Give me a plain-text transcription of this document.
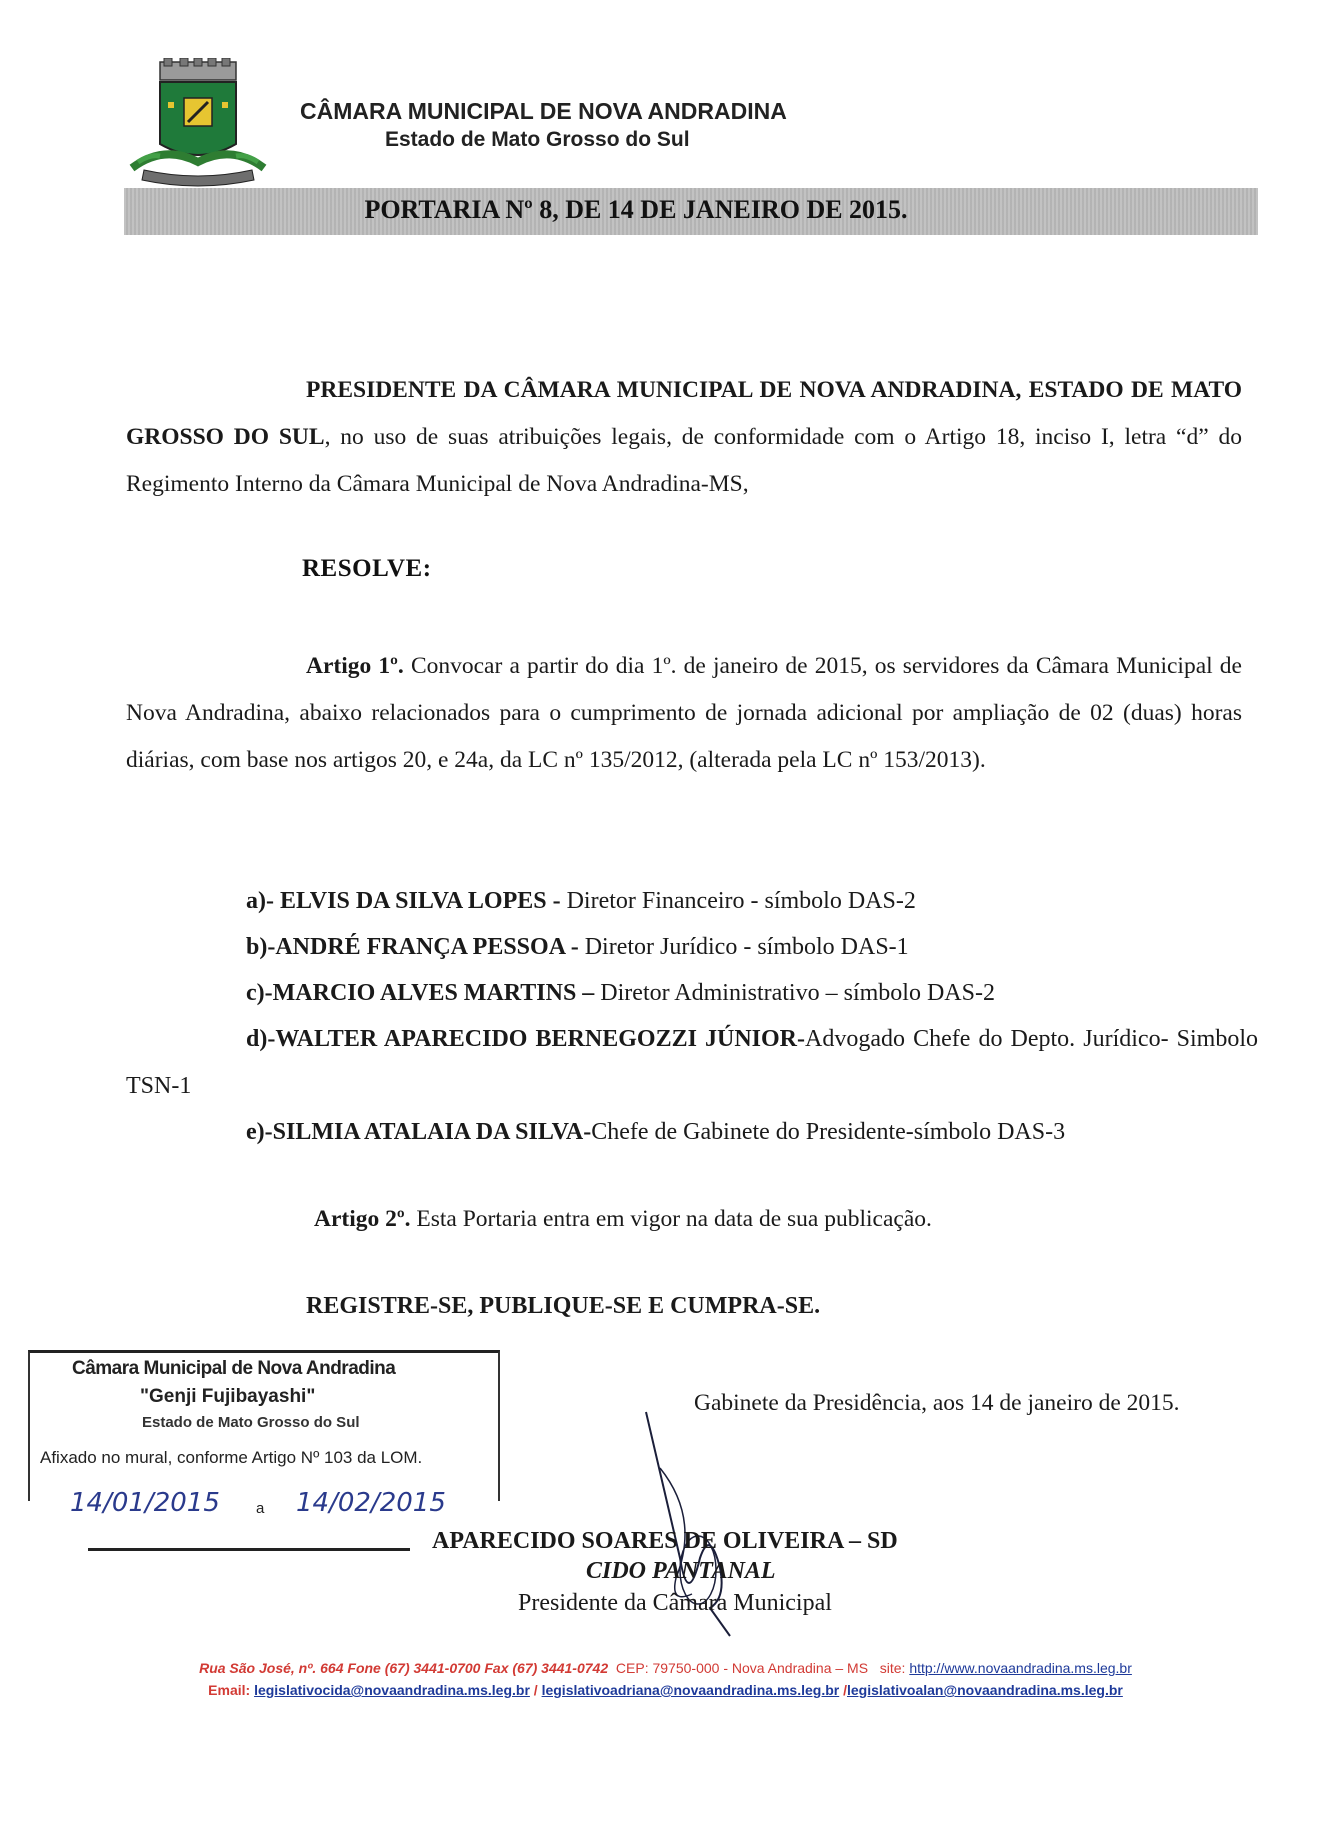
CÂMARA MUNICIPAL DE NOVA ANDRADINA
Estado de Mato Grosso do Sul
PORTARIA Nº 8, DE 14 DE JANEIRO DE 2015.
PRESIDENTE DA CÂMARA MUNICIPAL DE NOVA ANDRADINA, ESTADO DE MATO GROSSO DO SUL, no uso de suas atribuições legais, de conformidade com o Artigo 18, inciso I, letra “d” do Regimento Interno da Câmara Municipal de Nova Andradina-MS,
RESOLVE:
Artigo 1º. Convocar a partir do dia 1º. de janeiro de 2015, os servidores da Câmara Municipal de Nova Andradina, abaixo relacionados para o cumprimento de jornada adicional por ampliação de 02 (duas) horas diárias, com base nos artigos 20, e 24a, da LC nº 135/2012, (alterada pela LC nº 153/2013).
a)- ELVIS DA SILVA LOPES - Diretor Financeiro - símbolo DAS-2
b)-ANDRÉ FRANÇA PESSOA - Diretor Jurídico - símbolo DAS-1
c)-MARCIO ALVES MARTINS – Diretor Administrativo – símbolo DAS-2
d)-WALTER APARECIDO BERNEGOZZI JÚNIOR-Advogado Chefe do Depto. Jurídico- Simbolo TSN-1
e)-SILMIA ATALAIA DA SILVA-Chefe de Gabinete do Presidente-símbolo DAS-3
Artigo 2º. Esta Portaria entra em vigor na data de sua publicação.
REGISTRE-SE, PUBLIQUE-SE E CUMPRA-SE.
Câmara Municipal de Nova Andradina
"Genji Fujibayashi"
Estado de Mato Grosso do Sul
Afixado no mural, conforme Artigo Nº 103 da LOM.
14/01/2015 a 14/02/2015
Gabinete da Presidência, aos 14 de janeiro de 2015.
APARECIDO SOARES DE OLIVEIRA – SD
CIDO PANTANAL
Presidente da Câmara Municipal
Rua São José, nº. 664 Fone (67) 3441-0700 Fax (67) 3441-0742 CEP: 79750-000 - Nova Andradina – MS site: http://www.novaandradina.ms.leg.br
Email: legislativocida@novaandradina.ms.leg.br / legislativoadriana@novaandradina.ms.leg.br /legislativoalan@novaandradina.ms.leg.br
